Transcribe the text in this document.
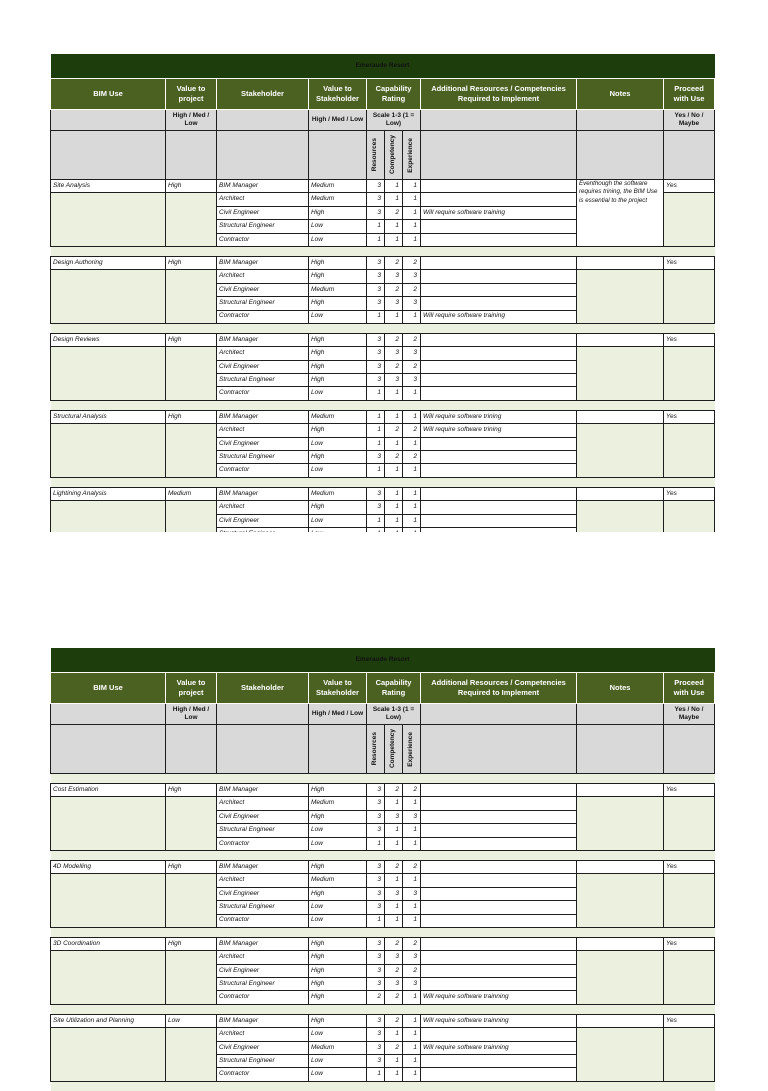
Emeraude Resort									
BIM Use	Value to project	Stakeholder	Value to Stakeholder	Capability Rating			Additional Resources / Competencies Required to Implement	Notes	Proceed with Use
	High / Med / Low		High / Med / Low	Scale 1-3 (1 = Low)					Yes / No / Maybe

				Resources	Competency	Experience			

Site Analysis	High	BIM Manager	Medium	3	1	1		Eventhough the software requires trining, the BIM Use is essential to the project	Yes
		Architect	Medium	3	1	1			
		Civil Engineer	High	3	2	1	Will require software training		
		Structural Engineer	Low	1	1	1			
		Contractor	Low	1	1	1			

Design Authoring	High	BIM Manager	High	3	2	2			Yes
		Architect	High	3	3	3			
		Civil Engineer	Medium	3	2	2			
		Structural Engineer	High	3	3	3			
		Contractor	Low	1	1	1	Will require software training		

Design Reviews	High	BIM Manager	High	3	2	2			Yes
		Architect	High	3	3	3			
		Civil Engineer	High	3	2	2			
		Structural Engineer	High	3	3	3			
		Contractor	Low	1	1	1			

Structural Analysis	High	BIM Manager	Medium	1	1	1	Will require software trining		Yes
		Architect	High	1	2	2	Will require software trining		
		Civil Engineer	Low	1	1	1			
		Structural Engineer	High	3	2	2			
		Contractor	Low	1	1	1			

Lightining Analysis	Medium	BIM Manager	Medium	3	1	1			Yes
		Architect	High	3	1	1			
		Civil Engineer	Low	1	1	1			

Emeraude Resort									
BIM Use	Value to project	Stakeholder	Value to Stakeholder	Capability Rating			Additional Resources / Competencies Required to Implement	Notes	Proceed with Use
	High / Med / Low		High / Med / Low	Scale 1-3 (1 = Low)					Yes / No / Maybe

				Resources	Competency	Experience			

Cost Estimation	High	BIM Manager	High	3	2	2			Yes
		Architect	Medium	3	1	1			
		Civil Engineer	High	3	3	3			
		Structural Engineer	Low	3	1	1			
		Contractor	Low	1	1	1			

4D Modelling	High	BIM Manager	High	3	2	2			Yes
		Architect	Medium	3	1	1			
		Civil Engineer	High	3	3	3			
		Structural Engineer	Low	3	1	1			
		Contractor	Low	1	1	1			

3D Coordination	High	BIM Manager	High	3	2	2			Yes
		Architect	High	3	3	3			
		Civil Engineer	High	3	2	2			
		Structural Engineer	High	3	3	3			
		Contractor	High	2	2	1	Will require software trainning		

Site Utilization and Planning	Low	BIM Manager	High	3	2	1	Will require software trainning		Yes
		Architect	Low	3	1	1			
		Civil Engineer	Medium	3	2	1	Will require software trainning		
		Structural Engineer	Low	3	1	1			
		Contractor	Low	1	1	1			
